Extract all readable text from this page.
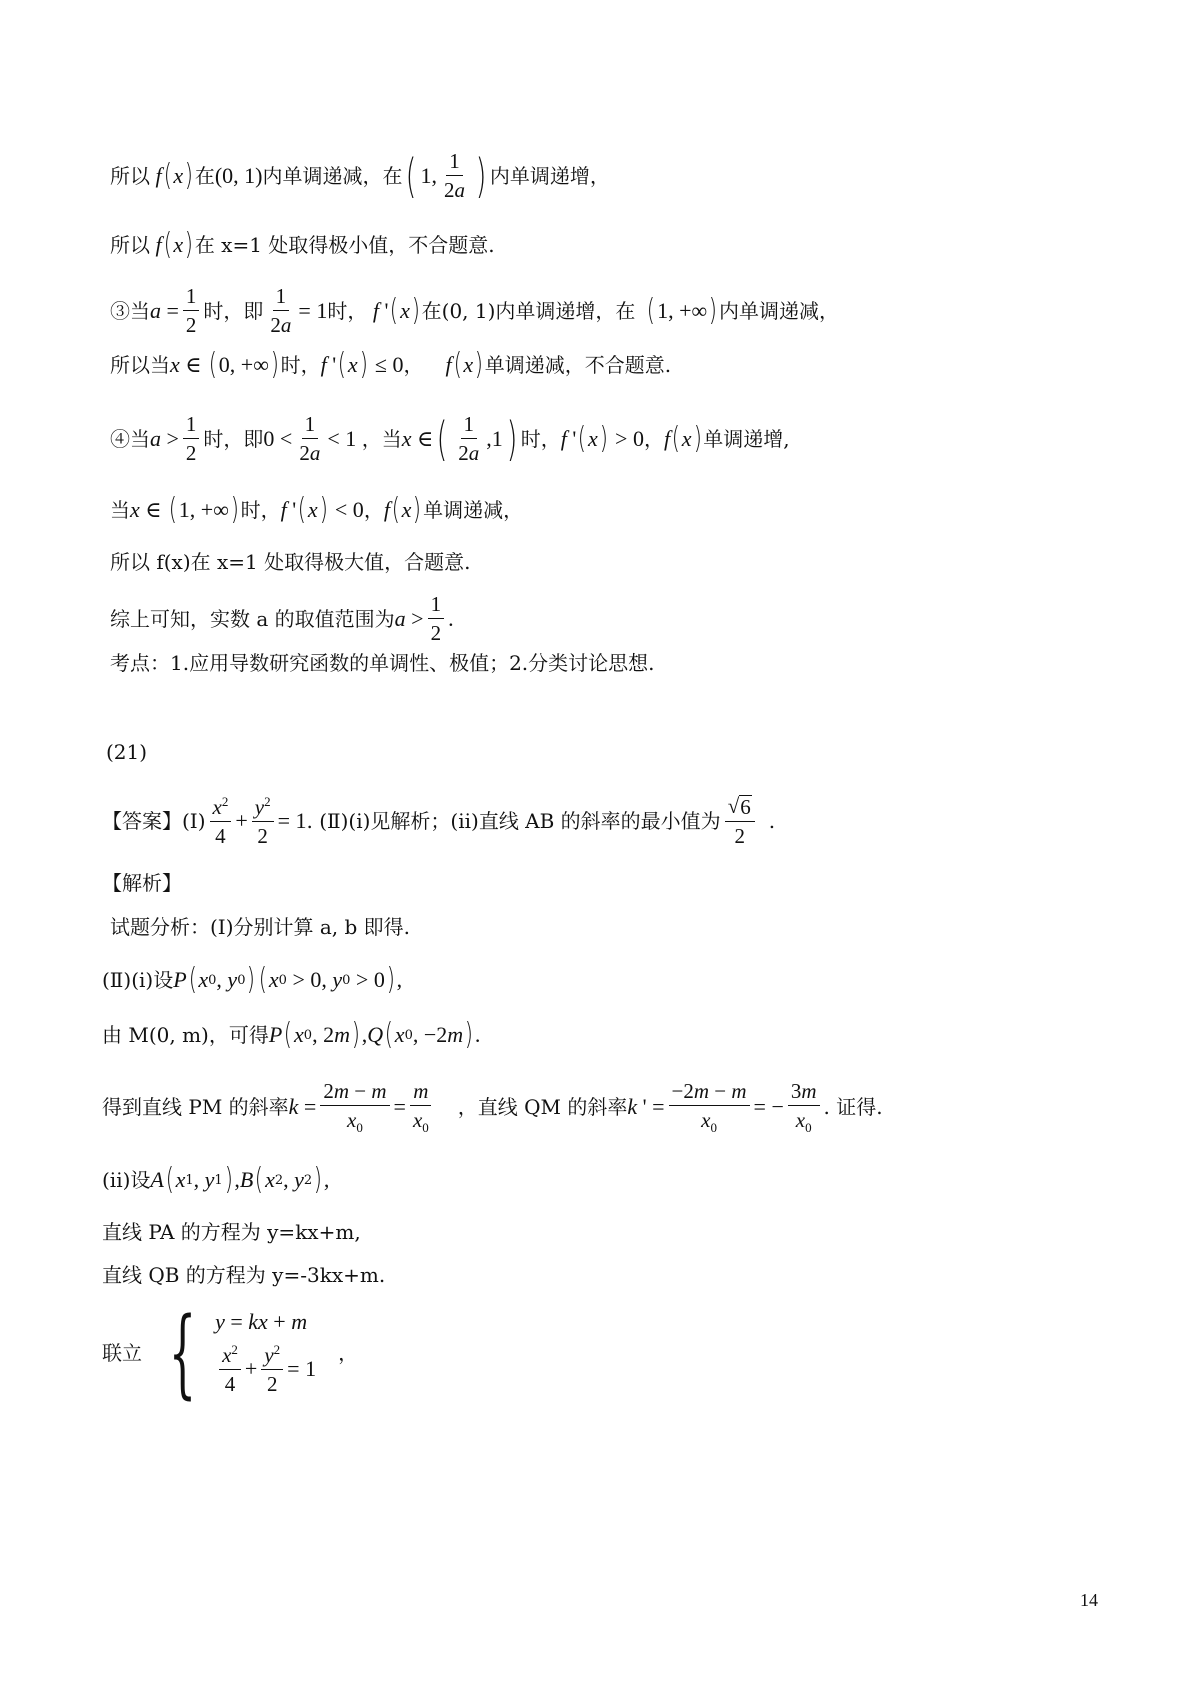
所以 f ( x ) 在 (0, 1) 内单调递减，在 ( 1, $\frac{1}{2a}$ ) 内单调递增，
所以 f ( x ) 在 x=1 处取得极小值，不合题意.
③当 $a = \frac{1}{2}$ 时，即 $\frac{1}{2a} = 1$ 时， f ' ( x ) 在(0, 1)内单调递增，在 ( 1, +∞ ) 内单调递减，
所以当 x ∈ ( 0, +∞ ) 时， f ' ( x ) ≤ 0 ， f ( x ) 单调递减，不合题意.
④当 $a > \frac{1}{2}$ 时，即 $0 < \frac{1}{2a} < 1$ ，当 x ∈ ( $\frac{1}{2a} ,1$ ) 时， f ' ( x ) > 0 ， f ( x ) 单调递增,
当 x ∈ ( 1, +∞ ) 时， f ' ( x ) < 0 ， f ( x ) 单调递减，
所以 f(x)在 x=1 处取得极大值，合题意.
综上可知，实数 a 的取值范围为 $a > \frac{1}{2}$ .
考点：1.应用导数研究函数的单调性、极值；2.分类讨论思想.
(21)
【答案】(Ⅰ) $\frac{x^2}{4} + \frac{y^2}{2} = 1$ . (Ⅱ)(i)见解析；(ii)直线 AB 的斜率的最小值为 $\frac{√ 6}{2}$ .
【解析】
试题分析：(Ⅰ)分别计算 a, b 即得.
(Ⅱ)(i)设 P ( x 0 , y 0 ) ( x 0 > 0, y 0 > 0 ) ,
由 M(0, m)，可得 P ( x 0 , 2 m ) , Q ( x 0 , −2 m ) .
得到直线 PM 的斜率 $k = \frac{2m - m}{x_0} = \frac{m}{x_0}$ ，直线 QM 的斜率 k ' = $\frac{-2m - m}{x_0}$ = − $\frac{3m}{x_0}$ . 证得.
(ii)设 A ( x 1 , y 1 ) , B ( x 2 , y 2 ) ,
直线 PA 的方程为 y=kx+m,
直线 QB 的方程为 y=-3kx+m.
联立 { y = kx + m
$\frac{x^2}{4} + \frac{y^2}{2} = 1$
，
14
